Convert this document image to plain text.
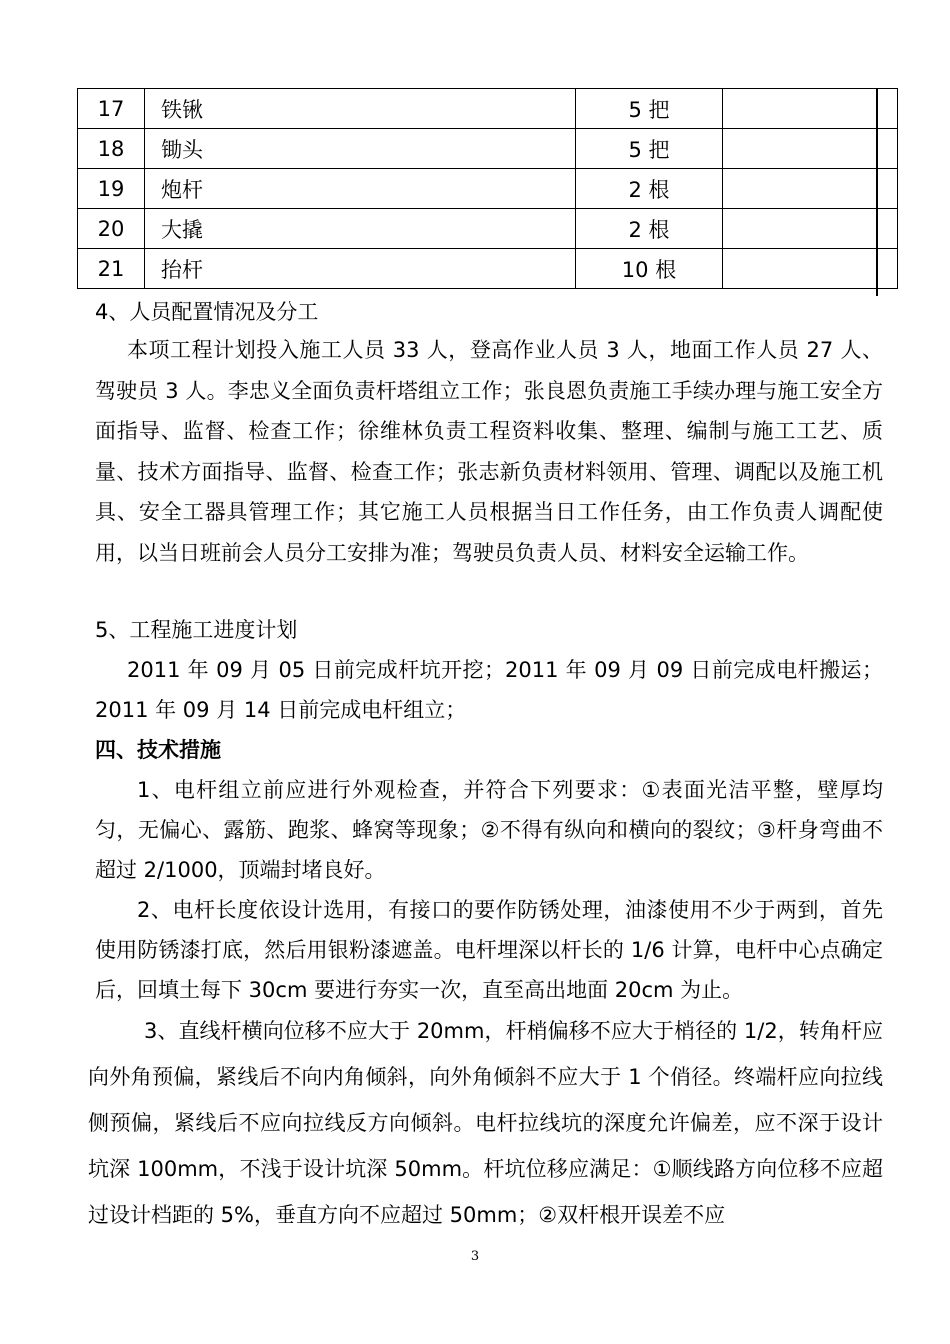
17	铁锹	5 把	
18	锄头	5 把	
19	炮杆	2 根	
20	大撬	2 根	
21	抬杆	10 根	
4、人员配置情况及分工
本项工程计划投入施工人员 33 人，登高作业人员 3 人，地面工作人员 27 人、驾驶员 3 人。李忠义全面负责杆塔组立工作；张良恩负责施工手续办理与施工安全方面指导、监督、检查工作；徐维林负责工程资料收集、整理、编制与施工工艺、质量、技术方面指导、监督、检查工作；张志新负责材料领用、管理、调配以及施工机具、安全工器具管理工作；其它施工人员根据当日工作任务，由工作负责人调配使用，以当日班前会人员分工安排为准；驾驶员负责人员、材料安全运输工作。
5、工程施工进度计划
2011 年 09 月 05 日前完成杆坑开挖；2011 年 09 月 09 日前完成电杆搬运；2011 年 09 月 14 日前完成电杆组立；
四、技术措施
1、电杆组立前应进行外观检查，并符合下列要求：①表面光洁平整，壁厚均匀，无偏心、露筋、跑浆、蜂窝等现象；②不得有纵向和横向的裂纹；③杆身弯曲不超过 2/1000，顶端封堵良好。
2、电杆长度依设计选用，有接口的要作防锈处理，油漆使用不少于两到，首先使用防锈漆打底，然后用银粉漆遮盖。电杆埋深以杆长的 1/6 计算，电杆中心点确定后，回填土每下 30cm 要进行夯实一次，直至高出地面 20cm 为止。
3、直线杆横向位移不应大于 20mm，杆梢偏移不应大于梢径的 1/2，转角杆应向外角预偏，紧线后不向内角倾斜，向外角倾斜不应大于 1 个俏径。终端杆应向拉线侧预偏，紧线后不应向拉线反方向倾斜。电杆拉线坑的深度允许偏差，应不深于设计坑深 100mm，不浅于设计坑深 50mm。杆坑位移应满足：①顺线路方向位移不应超过设计档距的 5%，垂直方向不应超过 50mm；②双杆根开误差不应
3
